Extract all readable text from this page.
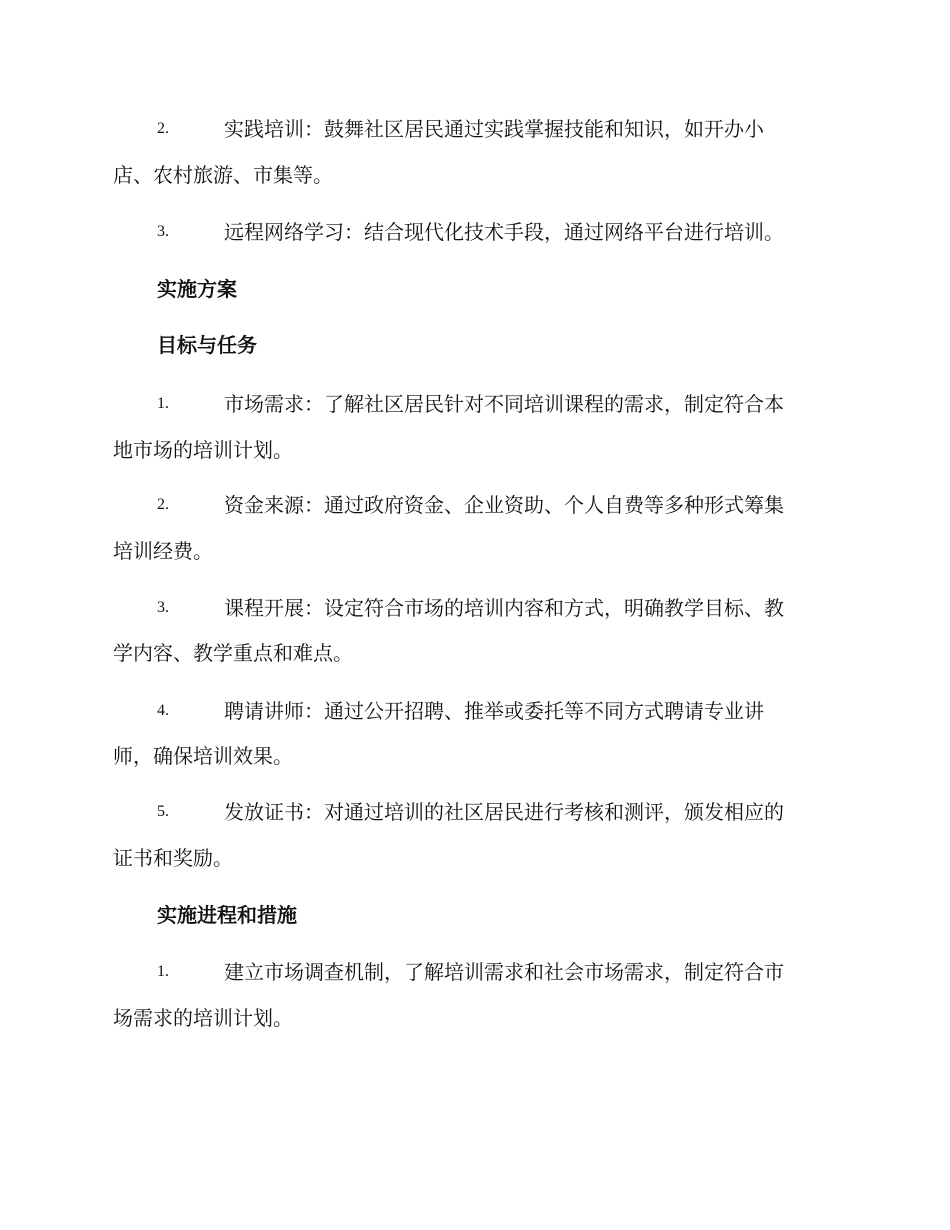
2.	实践培训：鼓舞社区居民通过实践掌握技能和知识，如开办小
店、农村旅游、市集等。
3.	远程网络学习：结合现代化技术手段，通过网络平台进行培训。
实施方案
目标与任务
1.	市场需求：了解社区居民针对不同培训课程的需求，制定符合本
地市场的培训计划。
2.	资金来源：通过政府资金、企业资助、个人自费等多种形式筹集
培训经费。
3.	课程开展：设定符合市场的培训内容和方式，明确教学目标、教
学内容、教学重点和难点。
4.	聘请讲师：通过公开招聘、推举或委托等不同方式聘请专业讲
师，确保培训效果。
5.	发放证书：对通过培训的社区居民进行考核和测评，颁发相应的
证书和奖励。
实施进程和措施
1.	建立市场调查机制，了解培训需求和社会市场需求，制定符合市
场需求的培训计划。
